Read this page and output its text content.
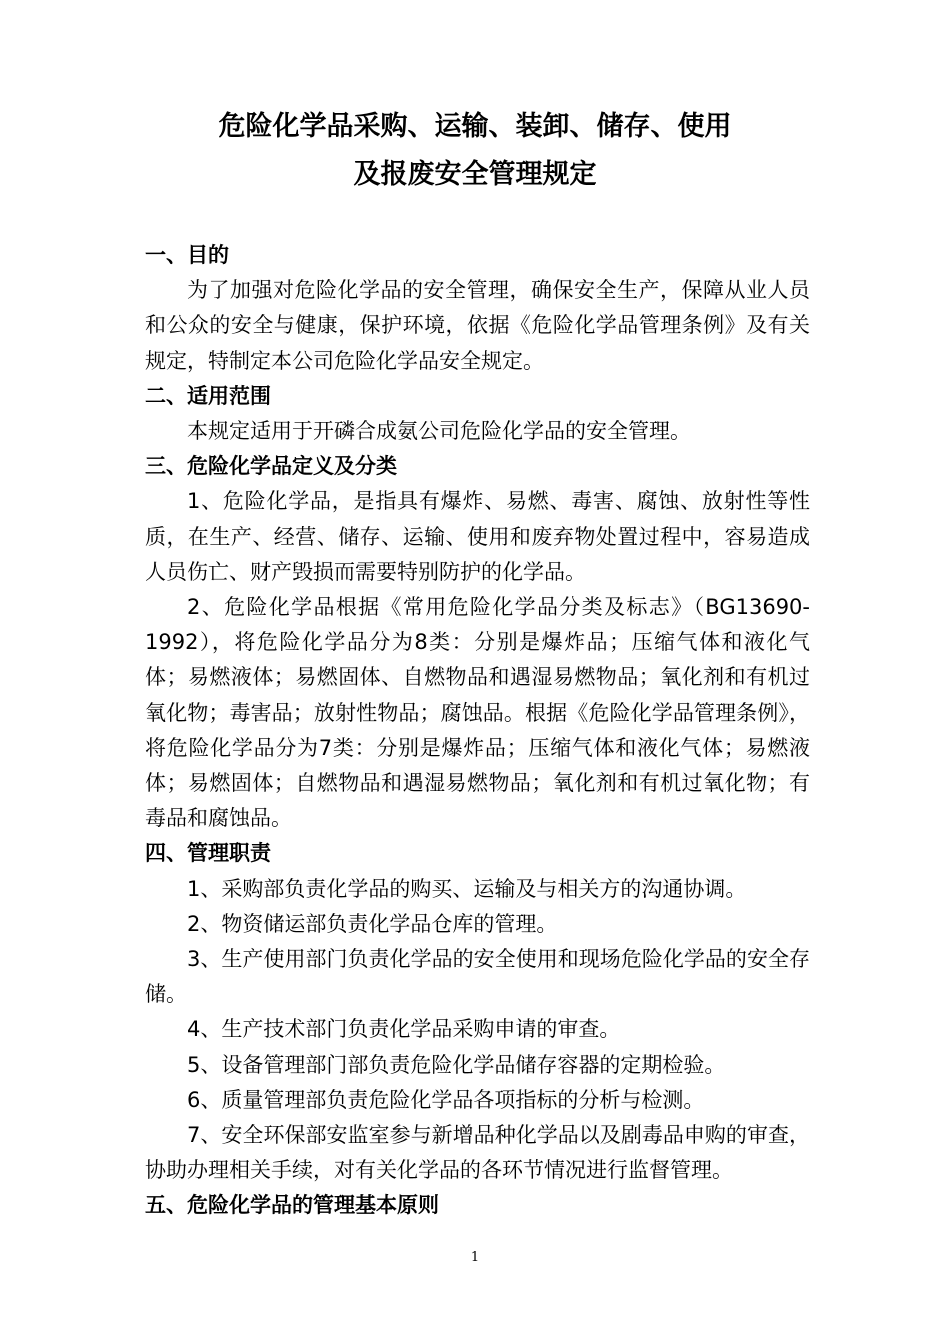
危险化学品采购、运输、装卸、储存、使用
及报废安全管理规定

一、目的

为了加强对危险化学品的安全管理，确保安全生产，保障从业人员和公众的安全与健康，保护环境，依据《危险化学品管理条例》及有关规定，特制定本公司危险化学品安全规定。

二、适用范围

本规定适用于开磷合成氨公司危险化学品的安全管理。

三、危险化学品定义及分类

1、危险化学品，是指具有爆炸、易燃、毒害、腐蚀、放射性等性质，在生产、经营、储存、运输、使用和废弃物处置过程中，容易造成人员伤亡、财产毁损而需要特别防护的化学品。

2、危险化学品根据《常用危险化学品分类及标志》（BG13690-1992），将危险化学品分为8类：分别是爆炸品；压缩气体和液化气体；易燃液体；易燃固体、自燃物品和遇湿易燃物品；氧化剂和有机过氧化物；毒害品；放射性物品；腐蚀品。根据《危险化学品管理条例》，将危险化学品分为7类：分别是爆炸品；压缩气体和液化气体；易燃液体；易燃固体；自燃物品和遇湿易燃物品；氧化剂和有机过氧化物；有毒品和腐蚀品。

四、管理职责

1、采购部负责化学品的购买、运输及与相关方的沟通协调。

2、物资储运部负责化学品仓库的管理。

3、生产使用部门负责化学品的安全使用和现场危险化学品的安全存储。

4、生产技术部门负责化学品采购申请的审查。

5、设备管理部门部负责危险化学品储存容器的定期检验。

6、质量管理部负责危险化学品各项指标的分析与检测。

7、安全环保部安监室参与新增品种化学品以及剧毒品申购的审查，协助办理相关手续，对有关化学品的各环节情况进行监督管理。

五、危险化学品的管理基本原则

1
